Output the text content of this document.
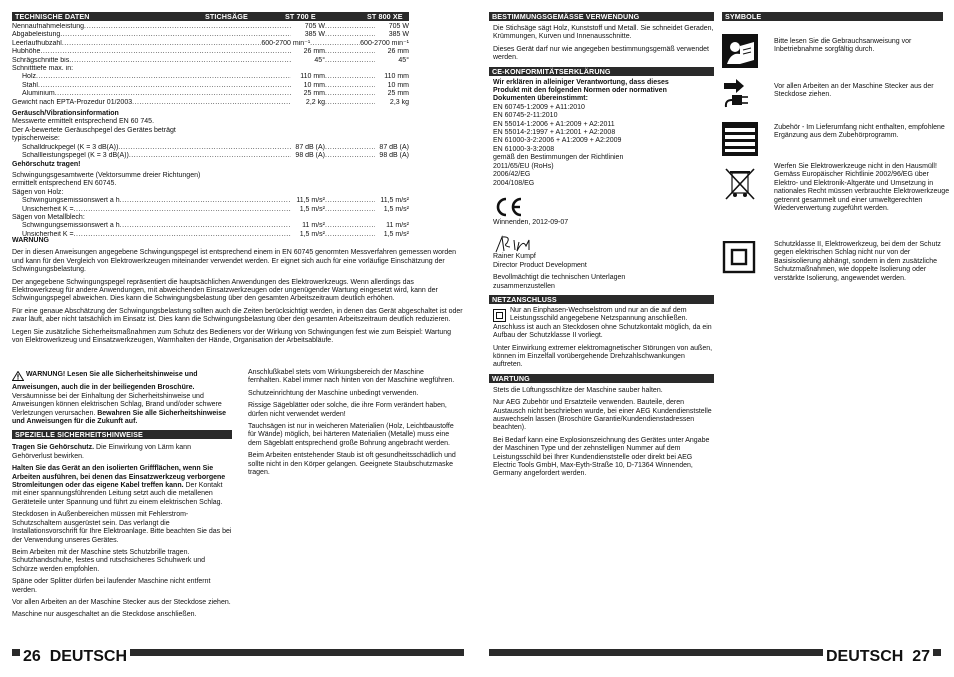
TECHNISCHE DATEN	STICHSÄGE	ST 700 E	ST 800 XE
Nennaufnahmeleistung .....	705 W .....	705 W
Abgabeleistung .....	385 W .....	385 W
Leerlaufhubzahl .....	600-2700 min⁻¹ .....	600-2700 min⁻¹
Hubhöhe .....	26 mm .....	26 mm
Schrägschnitte bis .....	45° .....	45°
Schnitttiefe max. in:
Holz .....	110 mm .....	110 mm
Stahl .....	10 mm .....	10 mm
Aluminium .....	25 mm .....	25 mm
Gewicht nach EPTA-Prozedur 01/2003 .....	2,2 kg .....	2,3 kg
Geräusch/Vibrationsinformation
Messwerte ermittelt entsprechend EN 60 745.
Der A-bewertete Geräuschpegel des Gerätes beträgt
typischerweise:
Schalldruckpegel (K = 3 dB(A)) .....	87 dB (A) .....	87 dB (A)
Schallleistungspegel (K = 3 dB(A)) .....	98 dB (A) .....	98 dB (A)
Gehörschutz tragen!
Schwingungsgesamtwerte (Vektorsumme dreier Richtungen)
ermittelt entsprechend EN 60745.
Sägen von Holz:
Schwingungsemissionswert a h .....	11,5 m/s² .....	11,5 m/s²
Unsicherheit K = .....	1,5 m/s² .....	1,5 m/s²
Sägen von Metallblech:
Schwingungsemissionswert a h .....	11 m/s² .....	11 m/s²
Unsicherheit K = .....	1,5 m/s² .....	1,5 m/s²
WARNUNG

Der in diesen Anweisungen angegebene Schwingungspegel ist entsprechend einem in EN 60745 genormten Messverfahren gemessen worden und kann für den Vergleich von Elektrowerkzeugen miteinander verwendet werden. Er eignet sich auch für eine vorläufige Einschätzung der Schwingungsbelastung.

Der angegebene Schwingungspegel repräsentiert die hauptsächlichen Anwendungen des Elektrowerkzeugs. Wenn allerdings das Elektrowerkzeug für andere Anwendungen, mit abweichenden Einsatzwerkzeugen oder ungenügender Wartung eingesetzt wird, kann der Schwingungspegel abweichen. Dies kann die Schwingungsbelastung über den gesamten Arbeitszeitraum deutlich erhöhen.

Für eine genaue Abschätzung der Schwingungsbelastung sollten auch die Zeiten berücksichtigt werden, in denen das Gerät abgeschaltet ist oder zwar läuft, aber nicht tatsächlich im Einsatz ist. Dies kann die Schwingungsbelastung über den gesamten Arbeitszeitraum deutlich reduzieren.

Legen Sie zusätzliche Sicherheitsmaßnahmen zum Schutz des Bedieners vor der Wirkung von Schwingungen fest wie zum Beispiel: Wartung von Elektrowerkzeug und Einsatzwerkzeugen, Warmhalten der Hände, Organisation der Arbeitsabläufe.

WARNUNG! Lesen Sie alle Sicherheitshinweise und Anweisungen, auch die in der beiliegenden Broschüre. Versäumnisse bei der Einhaltung der Sicherheitshinweise und Anweisungen können elektrischen Schlag, Brand und/oder schwere Verletzungen verursachen. Bewahren Sie alle Sicherheitshinweise und Anweisungen für die Zukunft auf.
SPEZIELLE SICHERHEITSHINWEISE

Tragen Sie Gehörschutz. Die Einwirkung von Lärm kann Gehörverlust bewirken.

Halten Sie das Gerät an den isolierten Griffflächen, wenn Sie Arbeiten ausführen, bei denen das Einsatzwerkzeug verborgene Stromleitungen oder das eigene Kabel treffen kann. Der Kontakt mit einer spannungsführenden Leitung setzt auch die metallenen Geräteteile unter Spannung und führt zu einem elektrischen Schlag.

Steckdosen in Außenbereichen müssen mit Fehlerstrom-Schutzschaltern ausgerüstet sein. Das verlangt die Installationsvorschrift für Ihre Elektroanlage. Bitte beachten Sie das bei der Verwendung unseres Gerätes.

Beim Arbeiten mit der Maschine stets Schutzbrille tragen. Schutzhandschuhe, festes und rutschsicheres Schuhwerk und Schürze werden empfohlen.

Späne oder Splitter dürfen bei laufender Maschine nicht entfernt werden.

Vor allen Arbeiten an der Maschine Stecker aus der Steckdose ziehen.

Maschine nur ausgeschaltet an die Steckdose anschließen.

Anschlußkabel stets vom Wirkungsbereich der Maschine fernhalten. Kabel immer nach hinten von der Maschine wegführen.

Schutzeinrichtung der Maschine unbedingt verwenden.

Rissige Sägeblätter oder solche, die ihre Form verändert haben, dürfen nicht verwendet werden!

Tauchsägen ist nur in weicheren Materialien (Holz, Leichtbaustoffe für Wände) möglich, bei härteren Materialien (Metalle) muss eine dem Sägeblatt entsprechend große Bohrung angebracht werden.

Beim Arbeiten entstehender Staub ist oft gesundheitsschädlich und sollte nicht in den Körper gelangen. Geeignete Staubschutzmaske tragen.

26 DEUTSCH
BESTIMMUNGSGEMÄSSE VERWENDUNG

Die Stichsäge sägt Holz, Kunststoff und Metall. Sie schneidet Geraden, Krümmungen, Kurven und Innenausschnitte.

Dieses Gerät darf nur wie angegeben bestimmungsgemäß verwendet werden.

CE-KONFORMITÄTSERKLÄRUNG
Wir erklären in alleiniger Verantwortung, dass dieses
Produkt mit den folgenden Normen oder normativen
Dokumenten übereinstimmt:
EN 60745-1:2009 + A11:2010
EN 60745-2-11:2010
EN 55014-1:2006 + A1:2009 + A2:2011
EN 55014-2:1997 + A1:2001 + A2:2008
EN 61000-3-2:2006 + A1:2009 + A2:2009
EN 61000-3-3:2008
gemäß den Bestimmungen der Richtlinien
2011/65/EU (RoHs)
2006/42/EG
2004/108/EG
Winnenden, 2012-09-07
Rainer Kumpf
Director Product Development
Bevollmächtigt die technischen Unterlagen
zusammenzustellen
NETZANSCHLUSS
Nur an Einphasen-Wechselstrom und nur an die auf dem Leistungsschild angegebene Netzspannung anschließen. Anschluss ist auch an Steckdosen ohne Schutzkontakt möglich, da ein Aufbau der Schutzklasse II vorliegt.

Unter Einwirkung extremer elektromagnetischer Störungen von außen, können im Einzelfall vorübergehende Drehzahlschwankungen auftreten.

WARTUNG

Stets die Lüftungsschlitze der Maschine sauber halten.

Nur AEG Zubehör und Ersatzteile verwenden. Bauteile, deren Austausch nicht beschrieben wurde, bei einer AEG Kundendienststelle auswechseln lassen (Broschüre Garantie/Kundendienstadressen beachten).

Bei Bedarf kann eine Explosionszeichnung des Gerätes unter Angabe der Maschinen Type und der zehnstelligen Nummer auf dem Leistungsschild bei Ihrer Kundendienststelle oder direkt bei AEG Electric Tools GmbH, Max-Eyth-Straße 10, D-71364 Winnenden, Germany angefordert werden.

SYMBOLE
Bitte lesen Sie die Gebrauchsanweisung vor Inbetriebnahme sorgfältig durch.
Vor allen Arbeiten an der Maschine Stecker aus der Steckdose ziehen.
Zubehör - Im Lieferumfang nicht enthalten, empfohlene Ergänzung aus dem Zubehörprogramm.
Werfen Sie Elektrowerkzeuge nicht in den Hausmüll! Gemäss Europäischer Richtlinie 2002/96/EG über Elektro- und Elektronik-Altgeräte und Umsetzung in nationales Recht müssen verbrauchte Elektrowerkzeuge getrennt gesammelt und einer umweltgerechten Wiederverwertung zugeführt werden.
Schutzklasse II, Elektrowerkzeug, bei dem der Schutz gegen elektrischen Schlag nicht nur von der Basisisolierung abhängt, sondern in dem zusätzliche Schutzmaßnahmen, wie doppelte Isolierung oder verstärkte Isolierung, angewendet werden.
DEUTSCH 27
